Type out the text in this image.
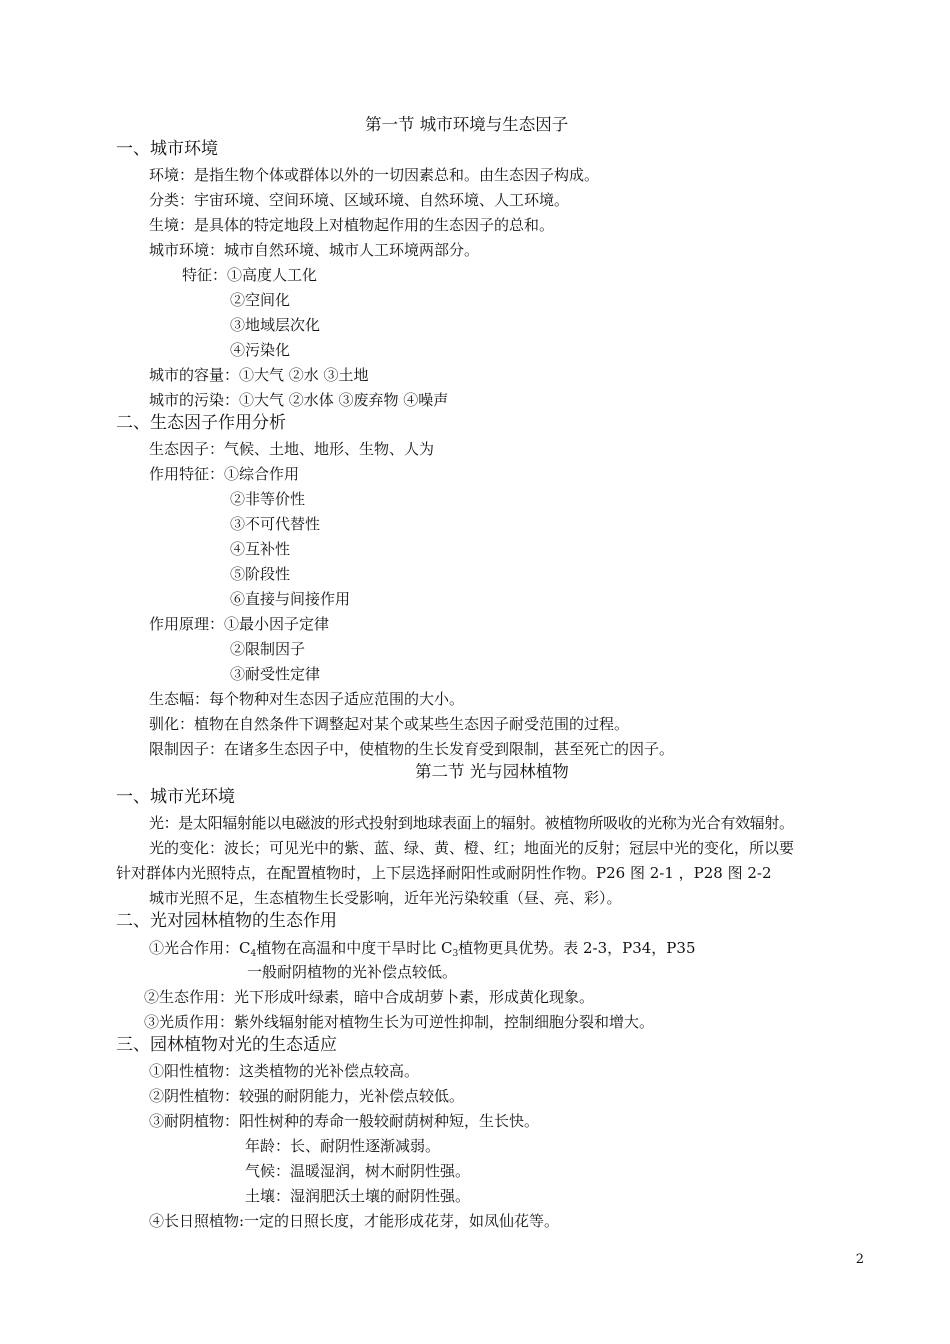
第一节 城市环境与生态因子
一、城市环境
环境：是指生物个体或群体以外的一切因素总和。由生态因子构成。
分类：宇宙环境、空间环境、区域环境、自然环境、人工环境。
生境：是具体的特定地段上对植物起作用的生态因子的总和。
城市环境：城市自然环境、城市人工环境两部分。
特征：①高度人工化
②空间化
③地域层次化
④污染化
城市的容量：①大气 ②水 ③土地
城市的污染：①大气 ②水体 ③废弃物 ④噪声
二、生态因子作用分析
生态因子：气候、土地、地形、生物、人为
作用特征：①综合作用
②非等价性
③不可代替性
④互补性
⑤阶段性
⑥直接与间接作用
作用原理：①最小因子定律
②限制因子
③耐受性定律
生态幅：每个物种对生态因子适应范围的大小。
驯化：植物在自然条件下调整起对某个或某些生态因子耐受范围的过程。
限制因子：在诸多生态因子中，使植物的生长发育受到限制，甚至死亡的因子。
第二节 光与园林植物
一、城市光环境
光：是太阳辐射能以电磁波的形式投射到地球表面上的辐射。被植物所吸收的光称为光合有效辐射。
光的变化：波长；可见光中的紫、蓝、绿、黄、橙、红；地面光的反射；冠层中光的变化，所以要
针对群体内光照特点，在配置植物时，上下层选择耐阳性或耐阴性作物。P26 图 2-1 ，P28 图 2-2
城市光照不足，生态植物生长受影响，近年光污染较重（昼、亮、彩）。
二、光对园林植物的生态作用
①光合作用：$C_4$植物在高温和中度干旱时比 $C_3$植物更具优势。表 2-3，P34，P35
一般耐阴植物的光补偿点较低。
②生态作用：光下形成叶绿素，暗中合成胡萝卜素，形成黄化现象。
③光质作用：紫外线辐射能对植物生长为可逆性抑制，控制细胞分裂和增大。
三、园林植物对光的生态适应
①阳性植物：这类植物的光补偿点较高。
②阴性植物：较强的耐阴能力，光补偿点较低。
③耐阴植物：阳性树种的寿命一般较耐荫树种短，生长快。
年龄：长、耐阴性逐渐减弱。
气候：温暖湿润，树木耐阴性强。
土壤：湿润肥沃土壤的耐阴性强。
④长日照植物:一定的日照长度，才能形成花芽，如凤仙花等。
2
